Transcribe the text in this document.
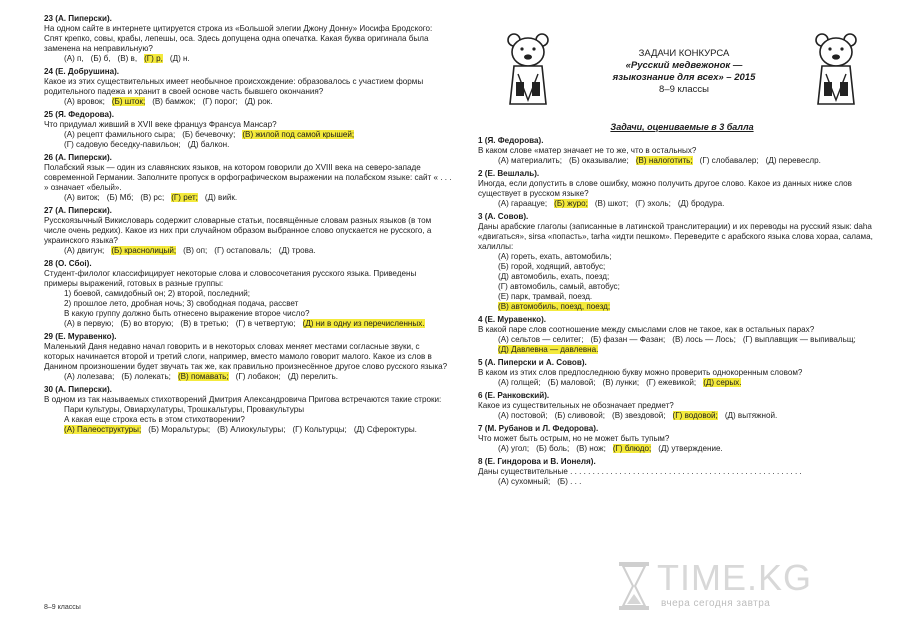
23 (А. Пиперски).
На одном сайте в интернете цитируется строка из «Большой элегии Джону Донну» Иосифа Бродского: Спят крепко, совы, крабы, лепешы, оса. Здесь допущена одна опечатка. Какая буква оригинала была заменена на неправильную?
(А) п, (Б) б, (В) в, (Г) р, (Д) н.
24 (Е. Добрушина).
Какое из этих существительных имеет необычное происхождение: образовалось с участием формы родительного падежа и хранит в своей основе часть бывшего окончания?
(А) вровок; (Б) шток; (В) бамжок; (Г) порог; (Д) рок.
25 (Я. Федорова).
Что придумал живший в XVII веке француз Франсуа Мансар?
(А) рецепт фамильного сыра; (Б) бечевочку; (В) жилой под самой крышей;(Г) садовую беседку-павильон; (Д) балкон.
26 (А. Пиперски).
Полабский язык — один из славянских языков, на котором говорили до XVIII века на северо-западе современной Германии. Заполните пропуск в орфографическом выражении на полабском языке: сайт « . . . » означает «белый».
(А) виток; (Б) Мб; (В) рс; (Г) рет; (Д) вийк.
27 (А. Пиперски).
Русскоязычный Викисловарь содержит словарные статьи, посвящённые словам разных языков (в том числе очень редких). Какое из них при случайном образом выбранное слово опускается не русского, а украинского языка?
(А) двигун; (Б) краснолицый; (В) оп; (Г) остаповаль; (Д) трова.
28 (О. Сбоі).
Студент-филолог классифицирует некоторые слова и словосочетания русского языка. Приведены примеры выражений, готовых в разные группы:
1) боевой, самидобный он; 2) второй, последний;
2) прошлое лето, дробная ночь; 3) свободная подача, рассвет
В какую группу должно быть отнесено выражение второе число?
(А) в первую; (Б) во вторую; (В) в третью; (Г) в четвертую; (Д) ни в одну из перечисленных.
29 (Е. Муравенко).
Маленький Даня недавно начал говорить и в некоторых словах меняет местами согласные звуки, с которых начинается второй и третий слоги, например, вместо мамоло говорит малого. Какое из слов в Данином произношении будет звучать так же, как правильно произнесённое другое слово русского языка?
(А) лолезава; (Б) лолекать; (В) помавать; (Г) лобакон; (Д) перелить.
30 (А. Пиперски).
В одном из так называемых стихотворений Дмитрия Александровича Пригова встречаются такие строки:
Пари культуры, Овиархулатуры, Трошкальтуры, Провакультуры
А какая еще строка есть в этом стихотворении?
(А) Палеоструктуры; (Б) Моральтуры; (В) Алиокультуры; (Г) Кольтурцы; (Д) Сфероктуры.
8–9 классы
ЗАДАЧИ КОНКУРСА
«Русский медвежонок —
языкознание для всех» – 2015
8–9 классы
Задачи, оцениваемые в 3 балла
1 (Я. Федорова).
В каком слове «матер значает не то же, что в остальных?
(А) материалить; (Б) оказывалие; (В) налоготить; (Г) слобавалер; (Д) перевеслр.
2 (Е. Вешлаль).
Иногда, если допустить в слове ошибку, можно получить другое слово. Какое из данных ниже слов существует в русском языке?
(А) гараацуе; (Б) журо; (В) шкот; (Г) эхоль; (Д) бродура.
3 (А. Совов).
Даны арабские глаголы (записанные в латинской транслитерации) и их переводы на русский язык: daha «двигаться», sirsa «попасть», tarha «идти пешком». Переведите с арабского языка слова хораа, салама, халиллы:
(А) гореть, ехать, автомобиль;
(Б) горой, ходящий, автобус;
(Д) автомобиль, ехать, поезд;
(Г) автомобиль, самый, автобус;
(Е) парк, трамвай, поезд.
(В) автомобиль, поезд, поезд;
4 (Е. Муравенко).
В какой паре слов соотношение между смыслами слов не такое, как в остальных парах?
(А) сельтов — селитег; (Б) фазан — Фазан; (В) лось — Лось; (Г) выплавщик — выпивальщ;(Д) Давлевна — давлевна.
5 (А. Пиперски и А. Совов).
В каком из этих слов предпоследнюю букву можно проверить однокоренным словом?
(А) голщей; (Б) маловой; (В) лунки; (Г) ежевикой; (Д) серых.
6 (Е. Ранковский).
Какое из существительных не обозначает предмет?
(А) постовой; (Б) сливовой; (В) звездовой; (Г) водовой; (Д) вытяжной.
7 (М. Рубанов и Л. Федорова).
Что может быть острым, но не может быть тупым?
(А) угол; (Б) боль; (В) нож; (Г) блюдо; (Д) утверждение.
8 (Е. Гиндорова и В. Ионеля).
Даны существительные . . . . . . . . . . . . . . . . . . . . . . . . . . . . . . . . . . . . . . . . . . . . . . . . . . . .
(А) сухомный; (Б) . . .
TIME.KG
вчера сегодня завтра
